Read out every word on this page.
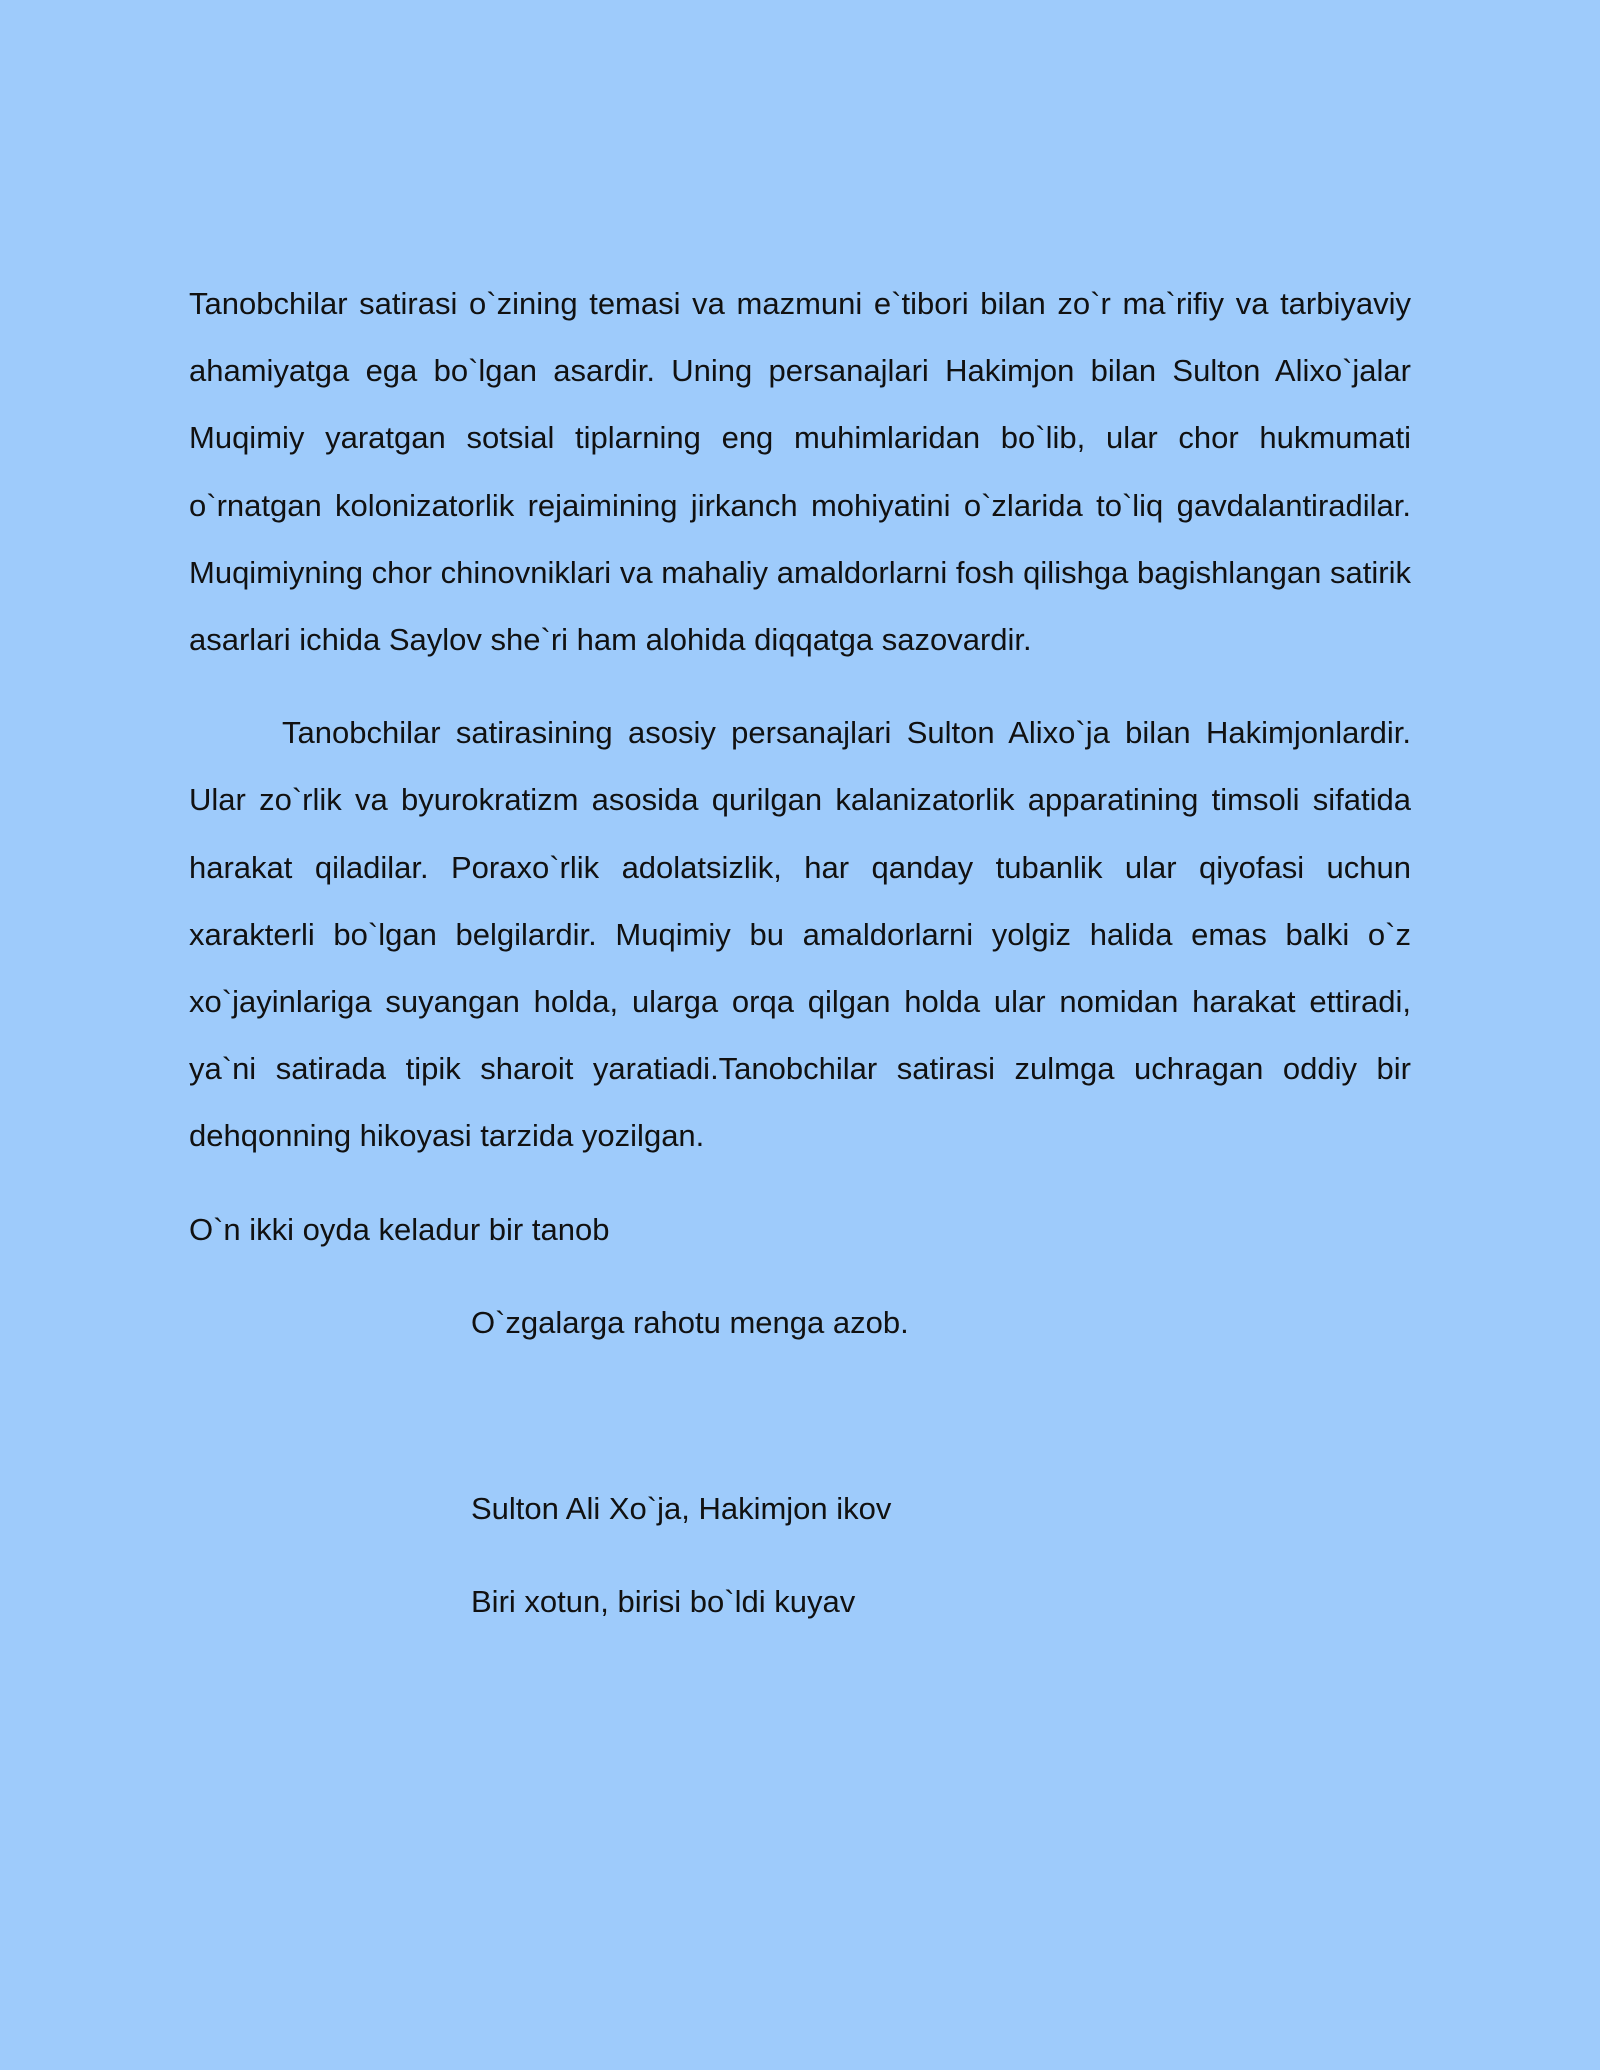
Tanobchilar satirasi o`zining temasi va mazmuni e`tibori bilan zo`r ma`rifiy va tarbiyaviy ahamiyatga ega bo`lgan asardir. Uning persanajlari Hakimjon bilan Sulton Alixo`jalar Muqimiy yaratgan sotsial tiplarning eng muhimlaridan bo`lib, ular chor hukmumati o`rnatgan kolonizatorlik rejaimining jirkanch mohiyatini o`zlarida to`liq gavdalantiradilar. Muqimiyning chor chinovniklari va mahaliy amaldorlarni fosh qilishga bagishlangan satirik asarlari ichida Saylov she`ri ham alohida diqqatga sazovardir.

Tanobchilar satirasining asosiy persanajlari Sulton Alixo`ja bilan Hakimjonlardir. Ular zo`rlik va byurokratizm asosida qurilgan kalanizatorlik apparatining timsoli sifatida harakat qiladilar. Poraxo`rlik adolatsizlik, har qanday tubanlik ular qiyofasi uchun xarakterli bo`lgan belgilardir. Muqimiy bu amaldorlarni yolgiz halida emas balki o`z xo`jayinlariga suyangan holda, ularga orqa qilgan holda ular nomidan harakat ettiradi, ya`ni satirada tipik sharoit yaratiadi.Tanobchilar satirasi zulmga uchragan oddiy bir dehqonning hikoyasi tarzida yozilgan.

O`n ikki oyda keladur bir tanob

O`zgalarga rahotu menga azob.

Sulton Ali Xo`ja, Hakimjon ikov

Biri xotun, birisi bo`ldi kuyav
